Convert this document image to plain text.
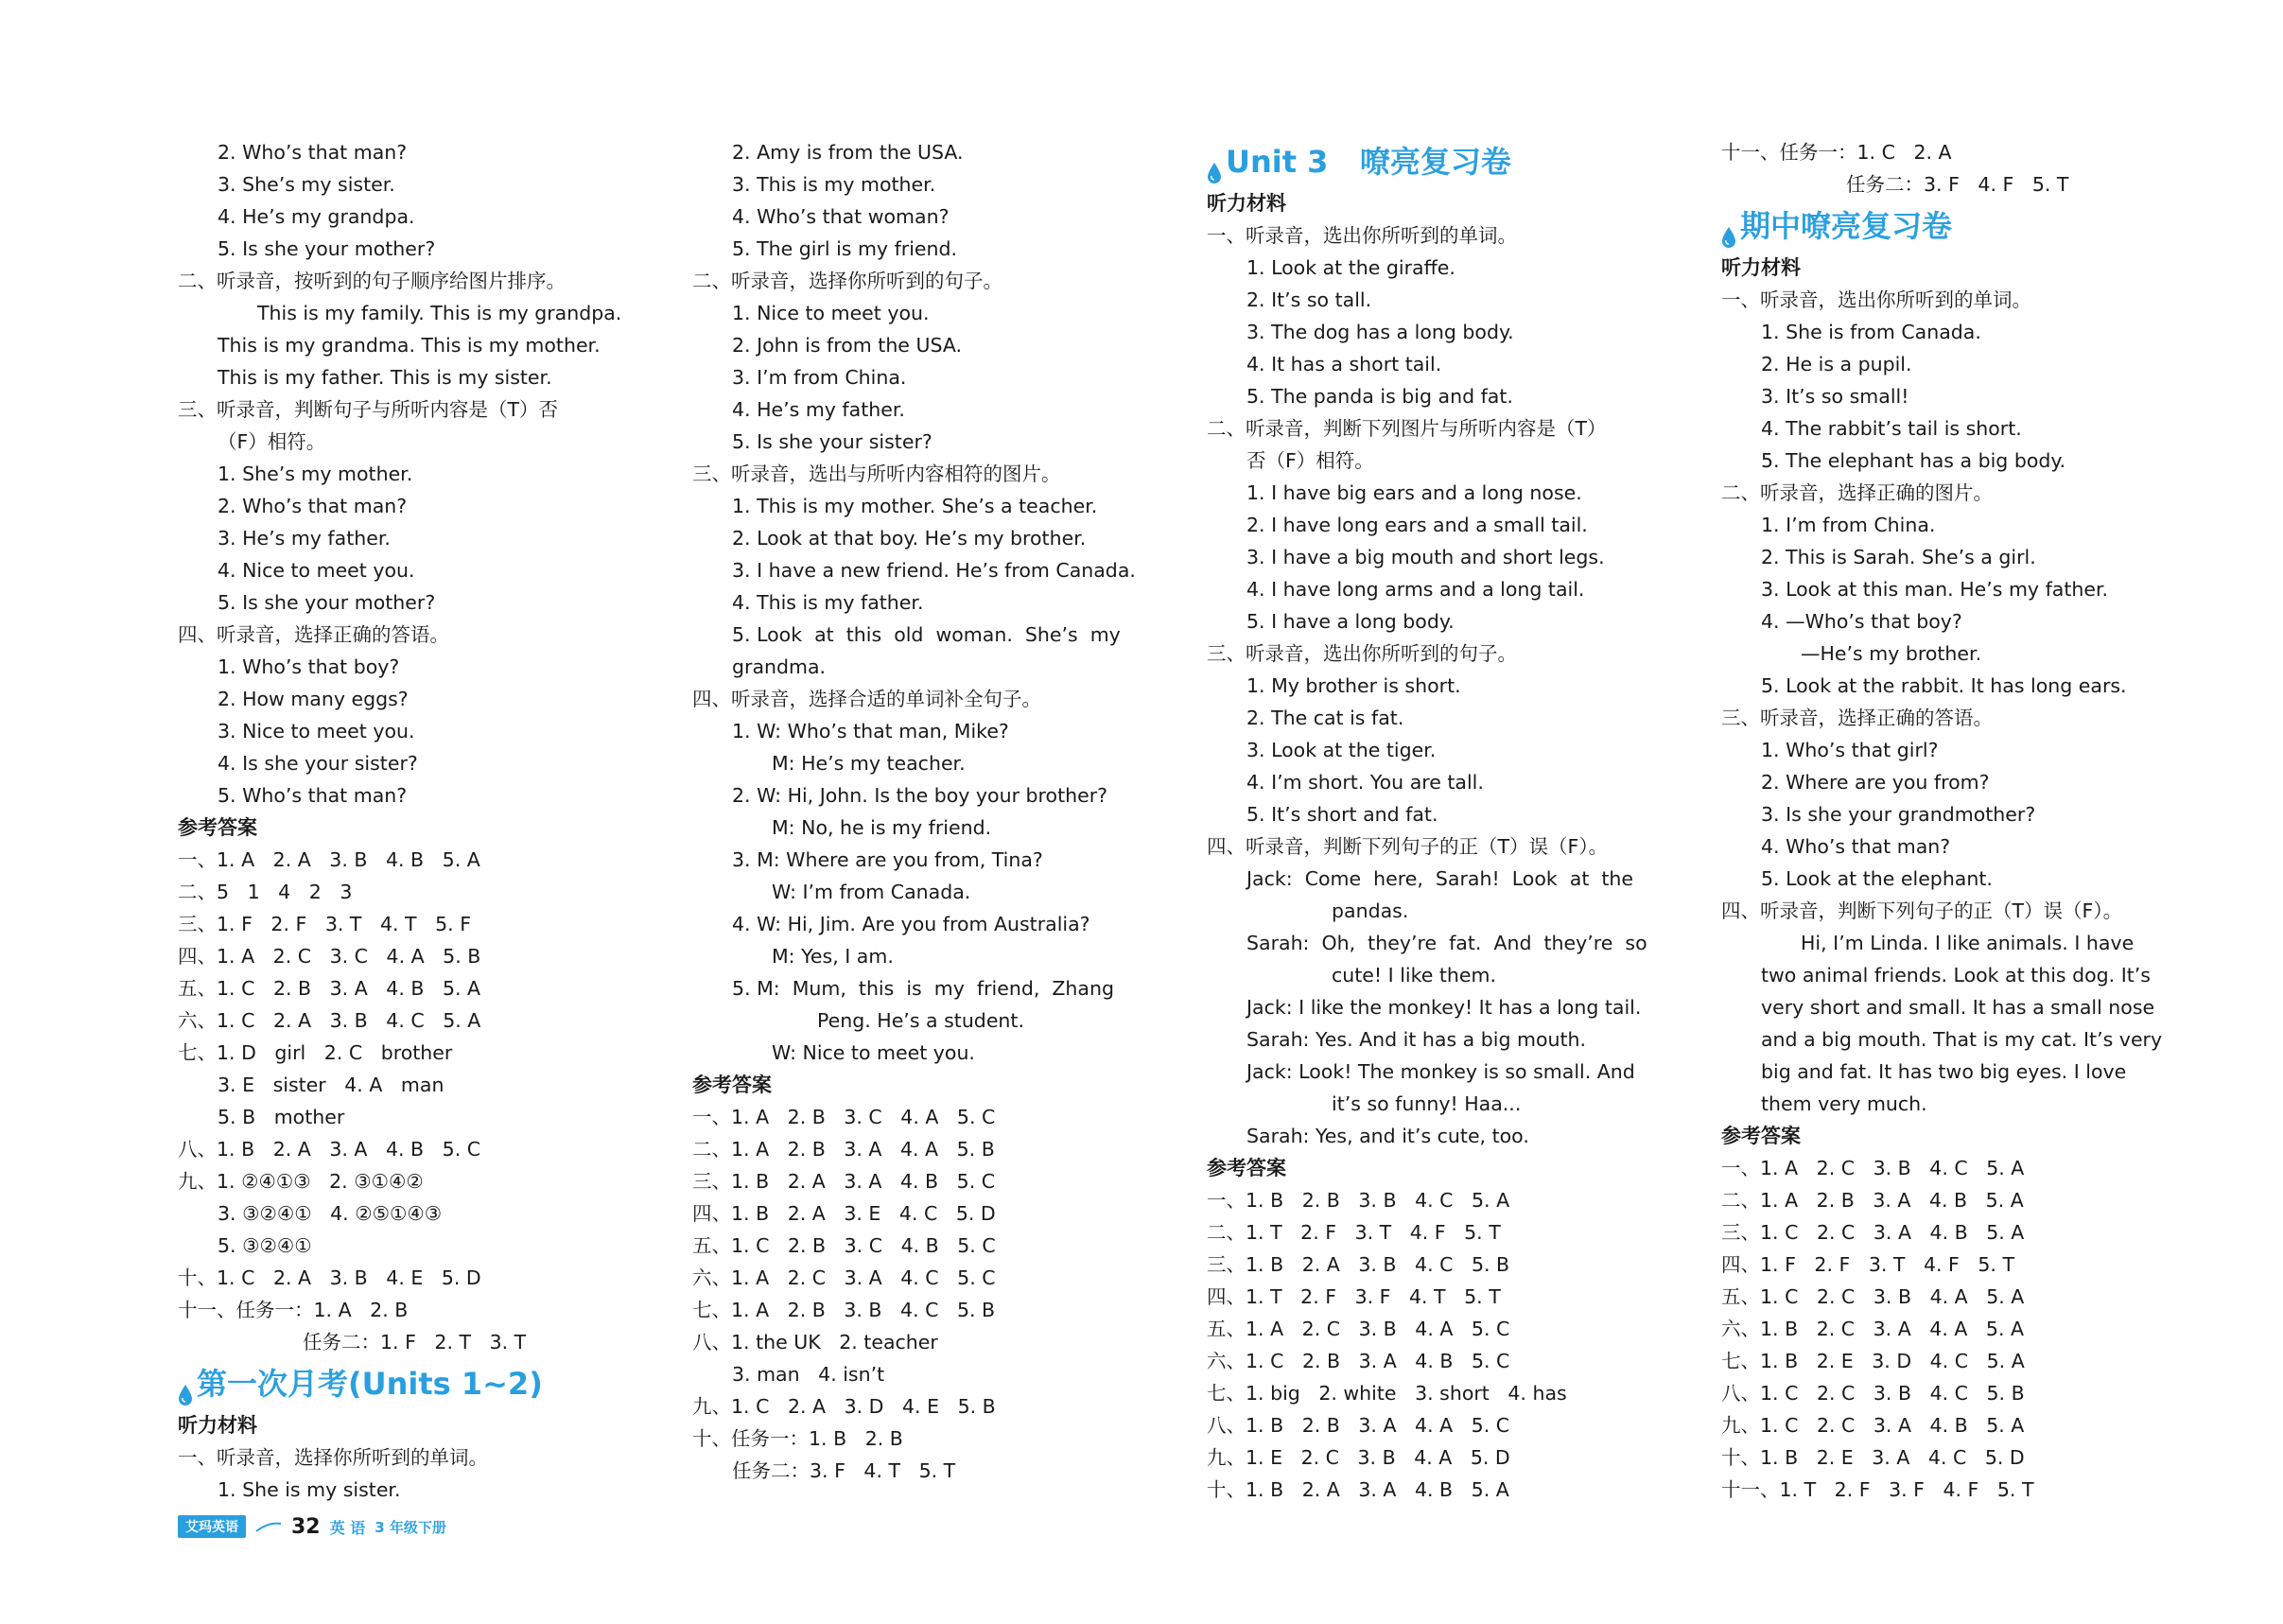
2. Who’s that man?
3. She’s my sister.
4. He’s my grandpa.
5. Is she your mother?
二、听录音，按听到的句子顺序给图片排序。
This is my family. This is my grandpa.
This is my grandma. This is my mother.
This is my father. This is my sister.
三、听录音，判断句子与所听内容是（T）否
（F）相符。
1. She’s my mother.
2. Who’s that man?
3. He’s my father.
4. Nice to meet you.
5. Is she your mother?
四、听录音，选择正确的答语。
1. Who’s that boy?
2. How many eggs?
3. Nice to meet you.
4. Is she your sister?
5. Who’s that man?
参考答案
一、1. A   2. A   3. B   4. B   5. A
二、5   1   4   2   3
三、1. F   2. F   3. T   4. T   5. F
四、1. A   2. C   3. C   4. A   5. B
五、1. C   2. B   3. A   4. B   5. A
六、1. C   2. A   3. B   4. C   5. A
七、1. D   girl   2. C   brother
3. E   sister   4. A   man
5. B   mother
八、1. B   2. A   3. A   4. B   5. C
九、1. ②④①③   2. ③①④②
3. ③②④①   4. ②⑤①④③
5. ③②④①
十、1. C   2. A   3. B   4. E   5. D
十一、任务一：1. A   2. B
任务二：1. F   2. T   3. T
第一次月考(Units 1~2)
听力材料
一、听录音，选择你所听到的单词。
1. She is my sister.
2. Amy is from the USA.
3. This is my mother.
4. Who’s that woman?
5. The girl is my friend.
二、听录音，选择你所听到的句子。
1. Nice to meet you.
2. John is from the USA.
3. I’m from China.
4. He’s my father.
5. Is she your sister?
三、听录音，选出与所听内容相符的图片。
1. This is my mother. She’s a teacher.
2. Look at that boy. He’s my brother.
3. I have a new friend. He’s from Canada.
4. This is my father.
5. Look  at  this  old  woman.  She’s  my
grandma.
四、听录音，选择合适的单词补全句子。
1. W: Who’s that man, Mike?
M: He’s my teacher.
2. W: Hi, John. Is the boy your brother?
M: No, he is my friend.
3. M: Where are you from, Tina?
W: I’m from Canada.
4. W: Hi, Jim. Are you from Australia?
M: Yes, I am.
5. M:  Mum,  this  is  my  friend,  Zhang
Peng. He’s a student.
W: Nice to meet you.
参考答案
一、1. A   2. B   3. C   4. A   5. C
二、1. A   2. B   3. A   4. A   5. B
三、1. B   2. A   3. A   4. B   5. C
四、1. B   2. A   3. E   4. C   5. D
五、1. C   2. B   3. C   4. B   5. C
六、1. A   2. C   3. A   4. C   5. C
七、1. A   2. B   3. B   4. C   5. B
八、1. the UK   2. teacher
3. man   4. isn’t
九、1. C   2. A   3. D   4. E   5. B
十、任务一：1. B   2. B
任务二：3. F   4. T   5. T
Unit 3   嘹亮复习卷
听力材料
一、听录音，选出你所听到的单词。
1. Look at the giraffe.
2. It’s so tall.
3. The dog has a long body.
4. It has a short tail.
5. The panda is big and fat.
二、听录音，判断下列图片与所听内容是（T）
否（F）相符。
1. I have big ears and a long nose.
2. I have long ears and a small tail.
3. I have a big mouth and short legs.
4. I have long arms and a long tail.
5. I have a long body.
三、听录音，选出你所听到的句子。
1. My brother is short.
2. The cat is fat.
3. Look at the tiger.
4. I’m short. You are tall.
5. It’s short and fat.
四、听录音，判断下列句子的正（T）误（F）。
Jack:  Come  here,  Sarah!  Look  at  the
pandas.
Sarah:  Oh,  they’re  fat.  And  they’re  so
cute! I like them.
Jack: I like the monkey! It has a long tail.
Sarah: Yes. And it has a big mouth.
Jack: Look! The monkey is so small. And
it’s so funny! Haa...
Sarah: Yes, and it’s cute, too.
参考答案
一、1. B   2. B   3. B   4. C   5. A
二、1. T   2. F   3. T   4. F   5. T
三、1. B   2. A   3. B   4. C   5. B
四、1. T   2. F   3. F   4. T   5. T
五、1. A   2. C   3. B   4. A   5. C
六、1. C   2. B   3. A   4. B   5. C
七、1. big   2. white   3. short   4. has
八、1. B   2. B   3. A   4. A   5. C
九、1. E   2. C   3. B   4. A   5. D
十、1. B   2. A   3. A   4. B   5. A
十一、任务一：1. C   2. A
任务二：3. F   4. F   5. T
期中嘹亮复习卷
听力材料
一、听录音，选出你所听到的单词。
1. She is from Canada.
2. He is a pupil.
3. It’s so small!
4. The rabbit’s tail is short.
5. The elephant has a big body.
二、听录音，选择正确的图片。
1. I’m from China.
2. This is Sarah. She’s a girl.
3. Look at this man. He’s my father.
4. —Who’s that boy?
—He’s my brother.
5. Look at the rabbit. It has long ears.
三、听录音，选择正确的答语。
1. Who’s that girl?
2. Where are you from?
3. Is she your grandmother?
4. Who’s that man?
5. Look at the elephant.
四、听录音，判断下列句子的正（T）误（F）。
Hi, I’m Linda. I like animals. I have
two animal friends. Look at this dog. It’s
very short and small. It has a small nose
and a big mouth. That is my cat. It’s very
big and fat. It has two big eyes. I love
them very much.
参考答案
一、1. A   2. C   3. B   4. C   5. A
二、1. A   2. B   3. A   4. B   5. A
三、1. C   2. C   3. A   4. B   5. A
四、1. F   2. F   3. T   4. F   5. T
五、1. C   2. C   3. B   4. A   5. A
六、1. B   2. C   3. A   4. A   5. A
七、1. B   2. E   3. D   4. C   5. A
八、1. C   2. C   3. B   4. C   5. B
九、1. C   2. C   3. A   4. B   5. A
十、1. B   2. E   3. A   4. C   5. D
十一、1. T   2. F   3. F   4. F   5. T
艾玛英语	32 英 语 3 年级下册
